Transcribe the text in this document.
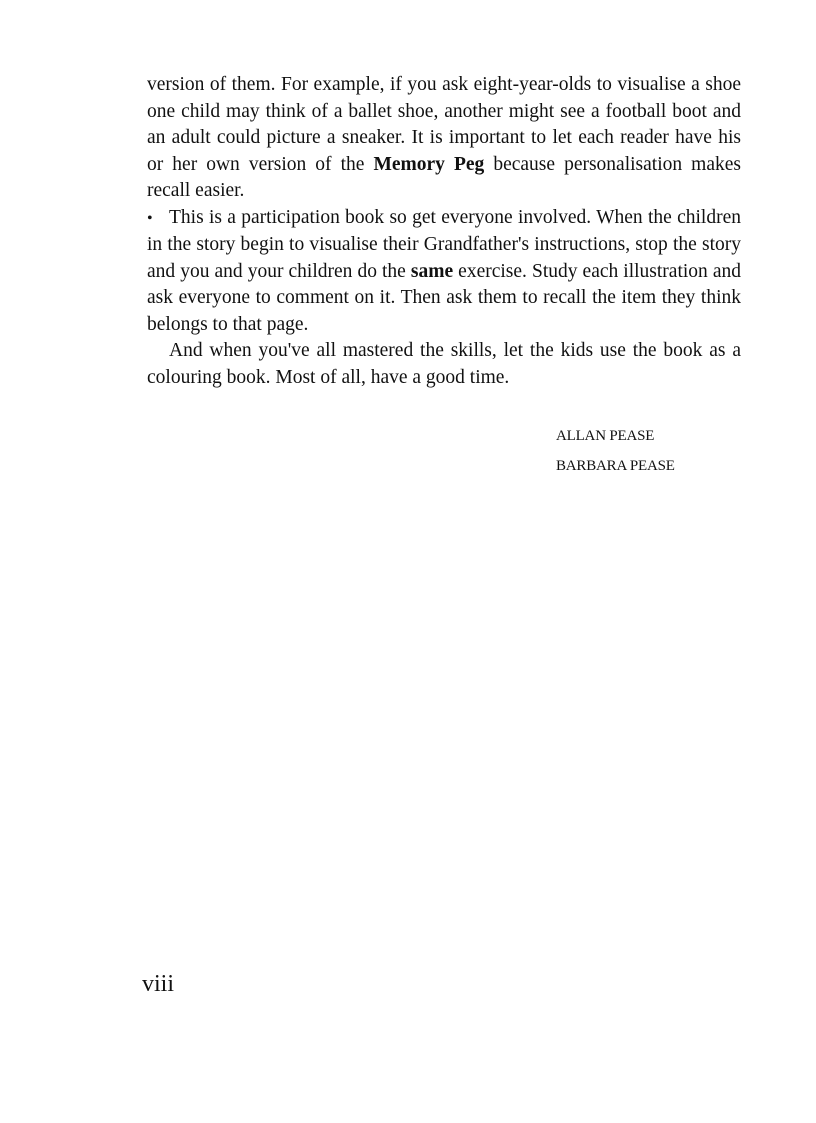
version of them. For example, if you ask eight-year-olds to visualise a shoe one child may think of a ballet shoe, another might see a football boot and an adult could picture a sneaker. It is important to let each reader have his or her own version of the Memory Peg because personalisation makes recall easier.

• This is a participation book so get everyone involved. When the children in the story begin to visualise their Grandfather's instructions, stop the story and you and your children do the same exercise. Study each illustration and ask everyone to comment on it. Then ask them to recall the item they think belongs to that page.

And when you've all mastered the skills, let the kids use the book as a colouring book. Most of all, have a good time.

ALLAN PEASE
BARBARA PEASE
viii
